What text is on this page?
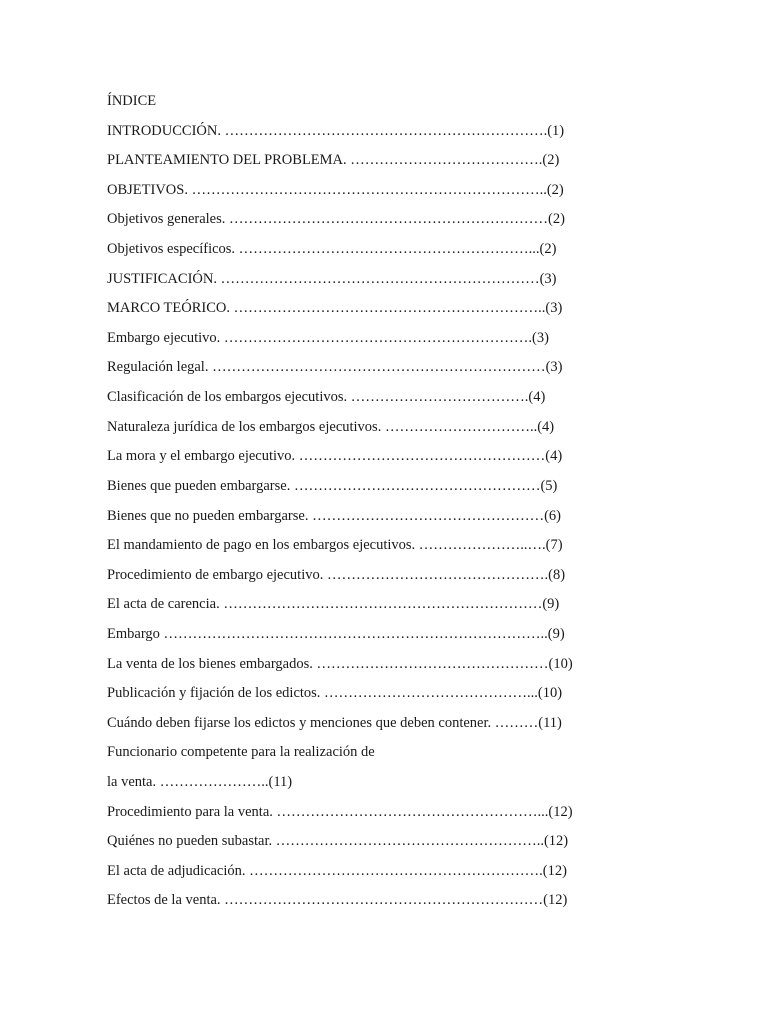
ÍNDICE
INTRODUCCIÓN. ………………………………………………………….(1)
PLANTEAMIENTO DEL PROBLEMA. ………………………………….(2)
OBJETIVOS. ………………………………………………………………..(2)
Objetivos generales. …………………………………………………………(2)
Objetivos específicos. ……………………………………………………...(2)
JUSTIFICACIÓN. …………………………………………………………(3)
MARCO TEÓRICO. ………………………………………………………..(3)
Embargo ejecutivo. ……………………………………………………….(3)
Regulación legal. ……………………………………………………………(3)
Clasificación de los embargos ejecutivos. ……………………………….(4)
Naturaleza jurídica de los embargos ejecutivos. …………………………..(4)
La mora y el embargo ejecutivo. ……………………………………………(4)
Bienes que pueden embargarse. ……………………………………………(5)
Bienes que no pueden embargarse. …………………………………………(6)
El mandamiento de pago en los embargos ejecutivos. …………………..….(7)
Procedimiento de embargo ejecutivo. ……………………………………….(8)
El acta de carencia. …………………………………………………………(9)
Embargo ……………………………………………………………………..(9)
La venta de los bienes embargados. …………………………………………(10)
Publicación y fijación de los edictos. ……………………………………...(10)
Cuándo deben fijarse los edictos y menciones que deben contener. ………(11)
Funcionario competente para la realización de
la venta. …………………..(11)
Procedimiento para la venta. ………………………………………………...(12)
Quiénes no pueden subastar. ………………………………………………..(12)
El acta de adjudicación. …………………………………………………….(12)
Efectos de la venta. …………………………………………………………(12)
